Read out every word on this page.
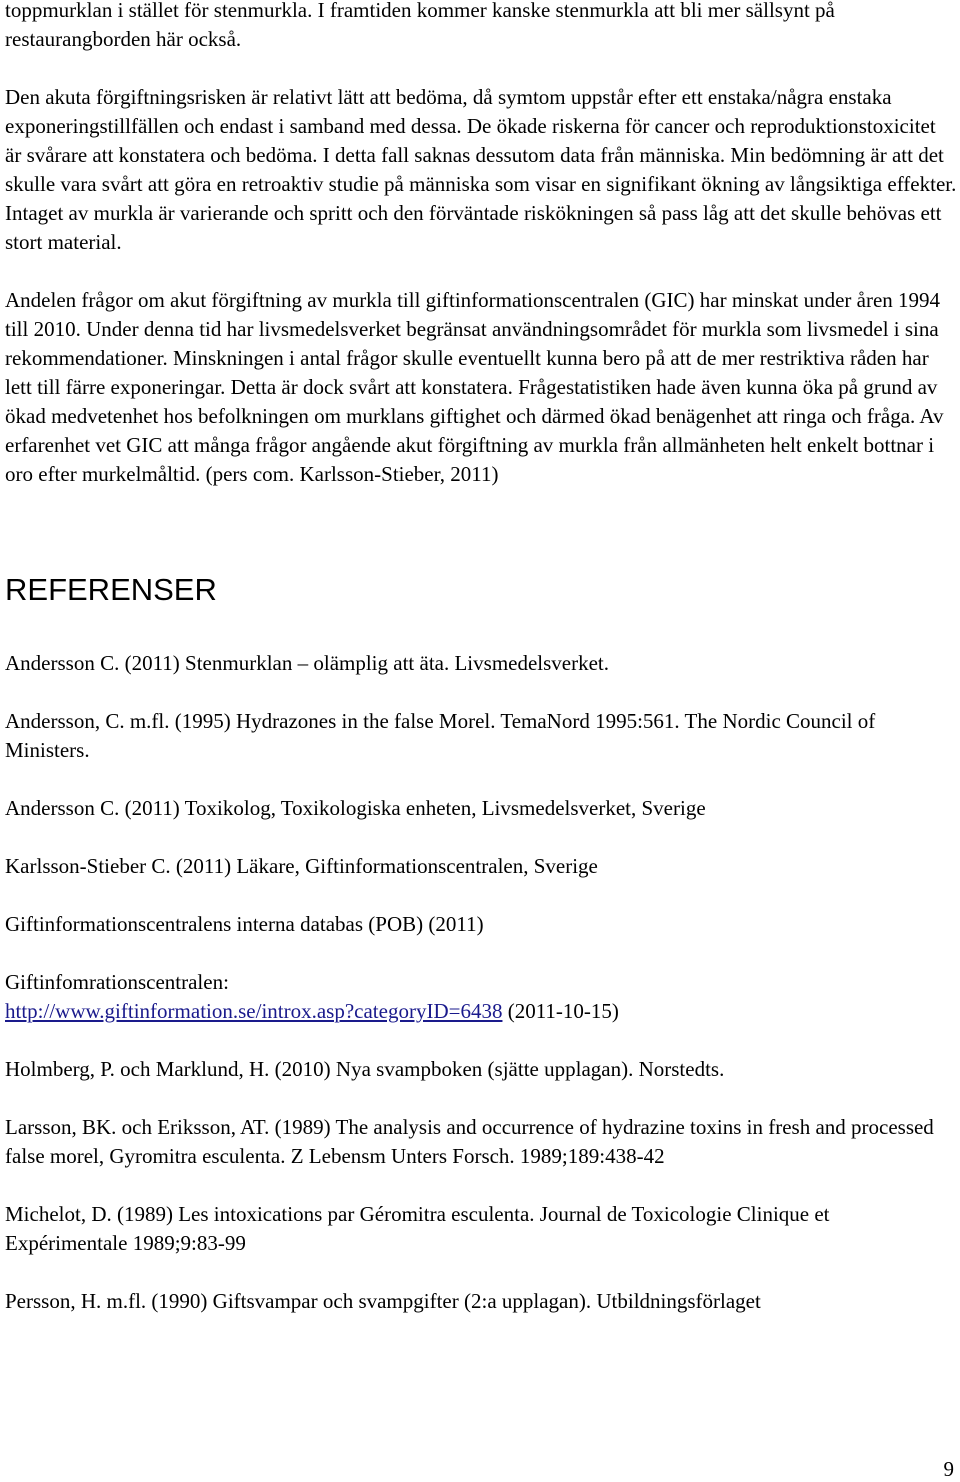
toppmurklan i stället för stenmurkla. I framtiden kommer kanske stenmurkla att bli mer sällsynt på restaurangborden här också.

Den akuta förgiftningsrisken är relativt lätt att bedöma, då symtom uppstår efter ett enstaka/några enstaka exponeringstillfällen och endast i samband med dessa. De ökade riskerna för cancer och reproduktionstoxicitet är svårare att konstatera och bedöma. I detta fall saknas dessutom data från människa. Min bedömning är att det skulle vara svårt att göra en retroaktiv studie på människa som visar en signifikant ökning av långsiktiga effekter. Intaget av murkla är varierande och spritt och den förväntade riskökningen så pass låg att det skulle behövas ett stort material.

Andelen frågor om akut förgiftning av murkla till giftinformationscentralen (GIC) har minskat under åren 1994 till 2010. Under denna tid har livsmedelsverket begränsat användningsområdet för murkla som livsmedel i sina rekommendationer. Minskningen i antal frågor skulle eventuellt kunna bero på att de mer restriktiva råden har lett till färre exponeringar. Detta är dock svårt att konstatera. Frågestatistiken hade även kunna öka på grund av ökad medvetenhet hos befolkningen om murklans giftighet och därmed ökad benägenhet att ringa och fråga. Av erfarenhet vet GIC att många frågor angående akut förgiftning av murkla från allmänheten helt enkelt bottnar i oro efter murkelmåltid. (pers com. Karlsson-Stieber, 2011)

REFERENSER

Andersson C. (2011) Stenmurklan – olämplig att äta. Livsmedelsverket.

Andersson, C. m.fl. (1995) Hydrazones in the false Morel. TemaNord 1995:561. The Nordic Council of Ministers.

Andersson C. (2011) Toxikolog, Toxikologiska enheten, Livsmedelsverket, Sverige

Karlsson-Stieber C. (2011) Läkare, Giftinformationscentralen, Sverige

Giftinformationscentralens interna databas (POB) (2011)

Giftinfomrationscentralen:
http://www.giftinformation.se/introx.asp?categoryID=6438 (2011-10-15)

Holmberg, P. och Marklund, H. (2010) Nya svampboken (sjätte upplagan). Norstedts.

Larsson, BK. och Eriksson, AT. (1989) The analysis and occurrence of hydrazine toxins in fresh and processed false morel, Gyromitra esculenta. Z Lebensm Unters Forsch. 1989;189:438-42

Michelot, D. (1989) Les intoxications par Géromitra esculenta. Journal de Toxicologie Clinique et Expérimentale 1989;9:83-99

Persson, H. m.fl. (1990) Giftsvampar och svampgifter (2:a upplagan). Utbildningsförlaget

9
